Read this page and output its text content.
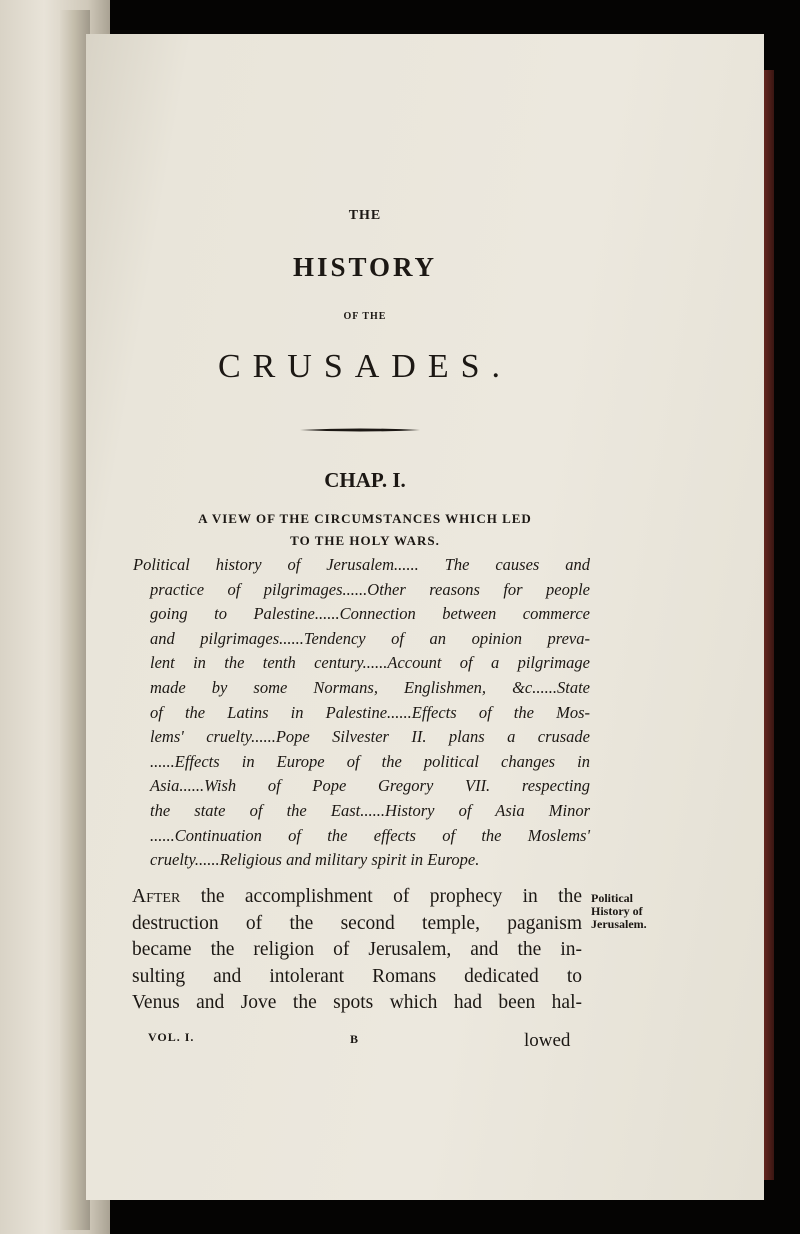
THE
HISTORY
OF THE
CRUSADES.
CHAP. I.
A VIEW OF THE CIRCUMSTANCES WHICH LED
TO THE HOLY WARS.
Political history of Jerusalem...... The causes and
practice of pilgrimages......Other reasons for people
going to Palestine......Connection between commerce
and pilgrimages......Tendency of an opinion preva-
lent in the tenth century......Account of a pilgrimage
made by some Normans, Englishmen, &c......State
of the Latins in Palestine......Effects of the Mos-
lems' cruelty......Pope Silvester II. plans a crusade
......Effects in Europe of the political changes in
Asia......Wish of Pope Gregory VII. respecting
the state of the East......History of Asia Minor
......Continuation of the effects of the Moslems'
cruelty......Religious and military spirit in Europe.
After the accomplishment of prophecy in the
destruction of the second temple, paganism
became the religion of Jerusalem, and the in-
sulting and intolerant Romans dedicated to
Venus and Jove the spots which had been hal-
Political
History of
Jerusalem.
VOL. I.	B	lowed
